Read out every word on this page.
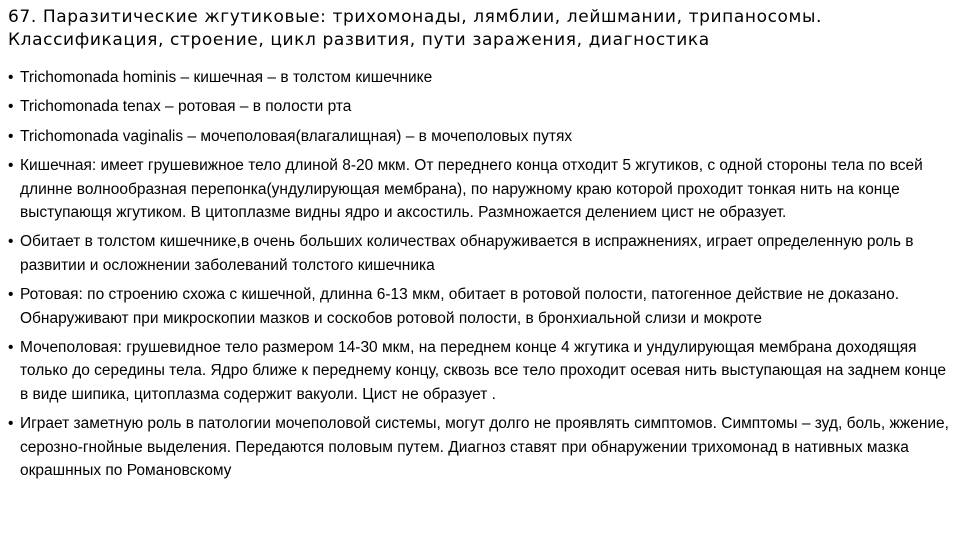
67. Паразитические жгутиковые: трихомонады, лямблии, лейшмании, трипаносомы. Классификация, строение, цикл развития, пути заражения, диагностика
• Trichomonada hominis – кишечная – в толстом кишечнике
• Trichomonada tenax – ротовая – в полости рта
• Trichomonada vaginalis – мочеполовая(влагалищная) – в мочеполовых путях
• Кишечная: имеет грушевижное тело длиной 8-20 мкм. От переднего конца отходит 5 жгутиков, с одной стороны тела по всей длинне волнообразная перепонка(ундулирующая мембрана), по наружному краю которой проходит тонкая нить на конце выступающя жгутиком. В цитоплазме видны ядро и аксостиль. Размножается делением цист не образует.
• Обитает в толстом кишечнике,в очень больших количествах обнаруживается в испражнениях, играет определенную роль в развитии и осложнении заболеваний толстого кишечника
• Ротовая: по строению схожа с кишечной, длинна 6-13 мкм, обитает в ротовой полости, патогенное действие не доказано. Обнаруживают при микроскопии мазков и соскобов ротовой полости, в бронхиальной слизи и мокроте
• Мочеполовая: грушевидное тело размером 14-30 мкм, на переднем конце 4 жгутика и ундулирующая мембрана доходящяя только до середины тела. Ядро ближе к переднему концу, сквозь все тело проходит осевая нить выступающая на заднем конце в виде шипика, цитоплазма содержит вакуоли. Цист не образует .
• Играет заметную роль в патологии мочеполовой системы, могут долго не проявлять симптомов. Симптомы – зуд, боль, жжение, серозно-гнойные выделения. Передаются половым путем. Диагноз ставят при обнаружении трихомонад в нативных мазка окрашнных по Романовскому
